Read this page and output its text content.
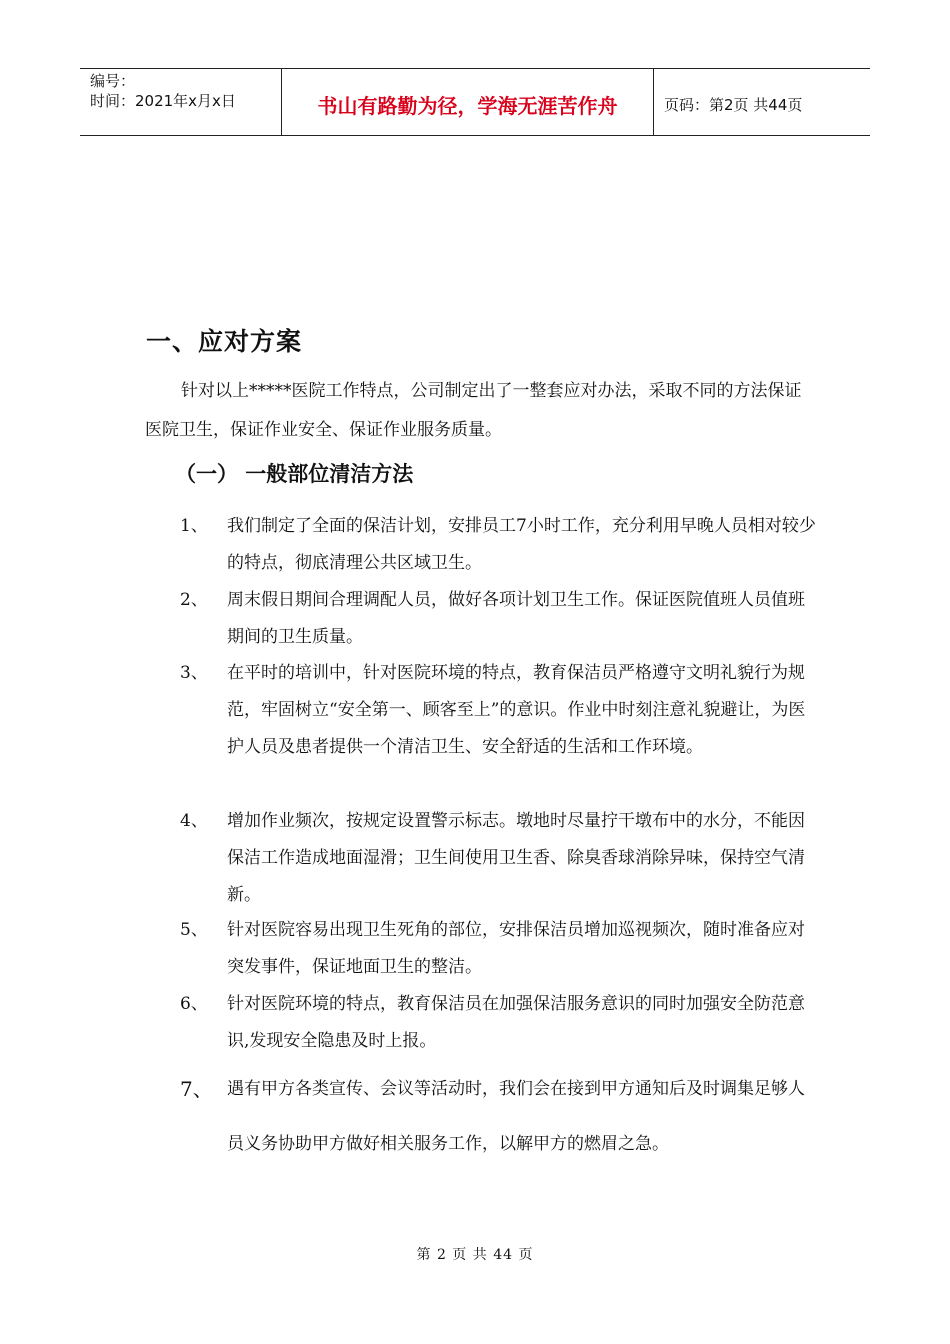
编号：
时间：2021年x月x日	书山有路勤为径，学海无涯苦作舟	页码：第2页 共44页
一、应对方案
针对以上*****医院工作特点，公司制定出了一整套应对办法，采取不同的方法保证医院卫生，保证作业安全、保证作业服务质量。
（一） 一般部位清洁方法
1、	我们制定了全面的保洁计划，安排员工7小时工作，充分利用早晚人员相对较少的特点，彻底清理公共区域卫生。
2、	周末假日期间合理调配人员，做好各项计划卫生工作。保证医院值班人员值班期间的卫生质量。
3、	在平时的培训中，针对医院环境的特点，教育保洁员严格遵守文明礼貌行为规范，牢固树立“安全第一、顾客至上”的意识。作业中时刻注意礼貌避让，为医护人员及患者提供一个清洁卫生、安全舒适的生活和工作环境。
4、	增加作业频次，按规定设置警示标志。墩地时尽量拧干墩布中的水分，不能因保洁工作造成地面湿滑；卫生间使用卫生香、除臭香球消除异味，保持空气清新。
5、	针对医院容易出现卫生死角的部位，安排保洁员增加巡视频次，随时准备应对突发事件，保证地面卫生的整洁。
6、	针对医院环境的特点，教育保洁员在加强保洁服务意识的同时加强安全防范意识,发现安全隐患及时上报。
7、 遇有甲方各类宣传、会议等活动时，我们会在接到甲方通知后及时调集足够人员义务协助甲方做好相关服务工作，以解甲方的燃眉之急。
第 2 页 共 44 页
